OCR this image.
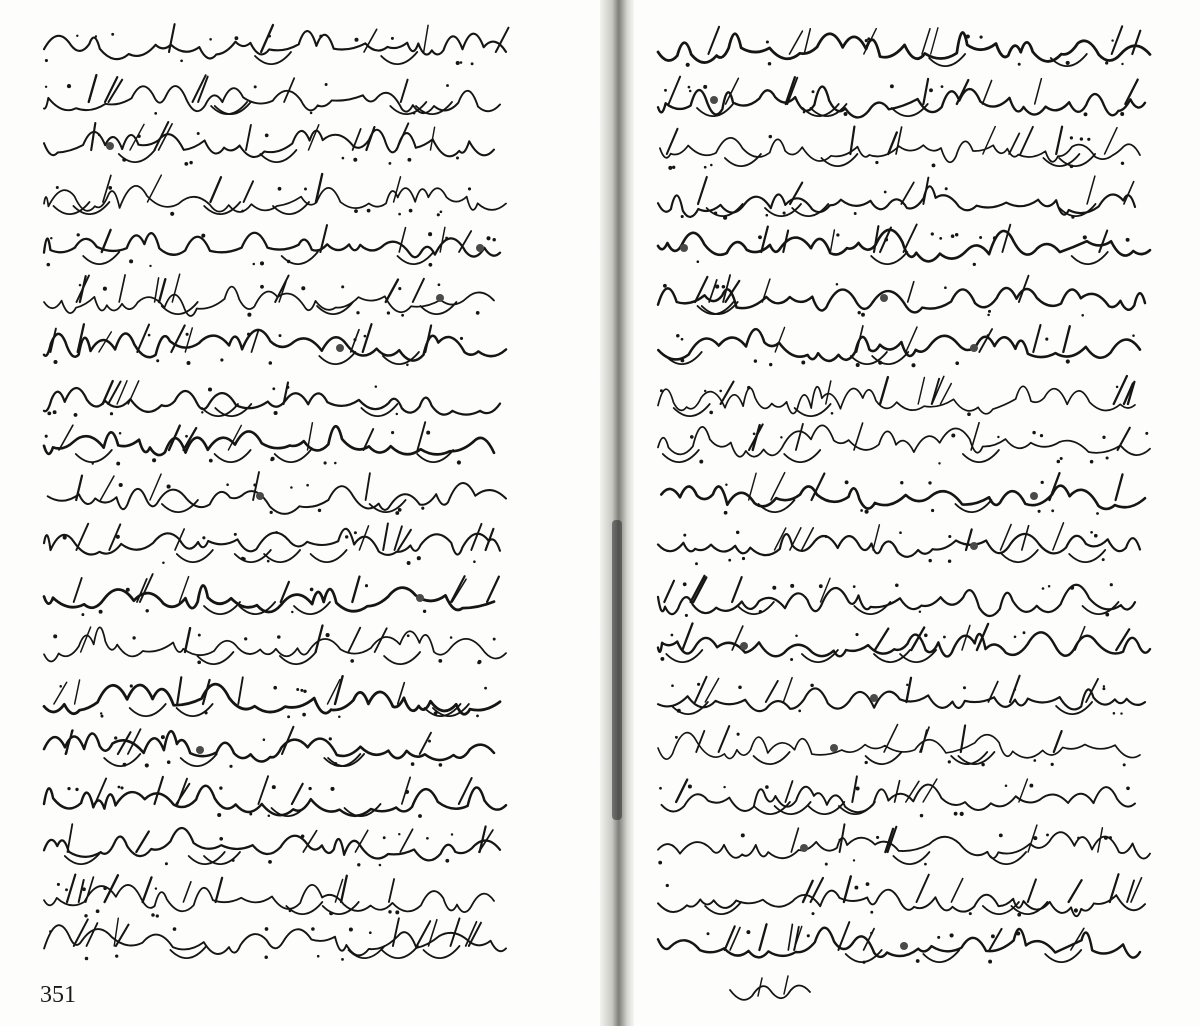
351
